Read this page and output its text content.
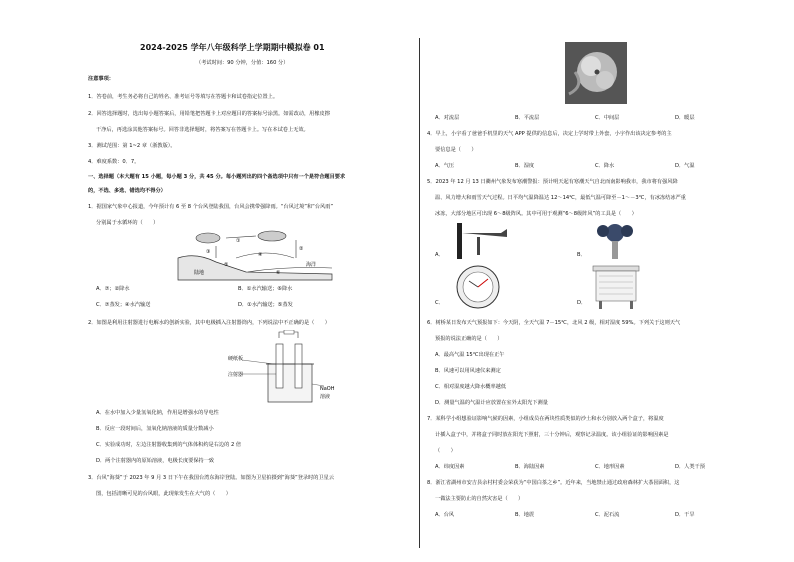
2024-2025 学年八年级科学上学期期中模拟卷 01
（考试时间：90 分钟，分值：160 分）
注意事项：
1．答卷前，考生务必将自己的姓名、准考证号等填写在答题卡和试卷指定位置上。
2．回答选择题时，选出每小题答案后，用铅笔把答题卡上对应题目的答案标号涂黑。如需改动，用橡皮擦
干净后，再选涂其他答案标号。回答非选择题时，将答案写在答题卡上。写在本试卷上无效。
3．测试范围：第 1~2 章（浙教版）。
4．难度系数：0．7。
一、选择题（本大题有 15 小题，每小题 3 分，共 45 分。每小题列出的四个备选项中只有一个是符合题目要求
的，不选、多选、错选均不得分）
1．据国家气象中心报道，今年预计有 6 至 8 个台风登陆我国，台风会携带强降雨。“台风过境”和“台风雨”
分别属于水循环的（　　）
陆地
海洋
①
②
③	④
⑤
⑥
A．⑦；②降水	B．①水汽输送；⑥降水
C．⑦蒸发；④水汽输送	D．①水汽输送；⑤蒸发
2．如图是利用注射器进行电解水的创新实验，其中电极插入注射器筒内，下列说法中不正确的是（　　）
硬纸板
注射器
NaOH
溶液
A．在水中加入少量氢氧化钠，作用是增强水的导电性
B．反应一段时间后，氢氧化钠溶液的质量分数减小
C．实验成功时，左边注射器收集到的气体体积约是右边的 2 倍
D．两个注射器内的原始溶液，电极长度要保持一致
3．台风“海葵”于 2023 年 9 月 3 日下午在我国台湾东海岸登陆。如图为卫星拍摄到“海葵”登录时的卫星云
图，包括清晰可见的台风眼，此现象发生在大气的（　　）
A．对流层	B．平流层	C．中间层	D．暖层
4．早上，小宇看了爸爸手机里的天气 APP 提供的信息后，决定上学时带上外套，小宇作出该决定参考的主
要信息是（　　）
A．气压	B．湿度	C．降水	D．气温
5．2023 年 12 月 13 日衢州气象发布寒潮警报：预计明天起有寒潮天气自北而南影响我市，我市将有强风降
温、风力增大和雨雪天气过程。日平均气温降温达 12～14℃，最低气温可降至－1～－3℃，有冰冻结冰严重
冰冻，大部分地区可出现 6～8级阵风。其中可用于观测“6～8级阵风”的工具是（　　）
A．	B．
C．	D．
6．树桥某日发布天气预报如下：今天阴，全天气温 7－15℃，北风 2 级，相对湿度 59%。下列关于这则天气
预报的说法正确的是（　　）
A．最高气温 15℃出现在正午
B．风速可以用风速仪来测定
C．相对湿度越大降水概率越低
D．测量气温的气温计应放置在室外太阳光下测量
7．某科学小组想验证影响气候的因素，小组成员在两块性质类似的沙土和水分别放入两个盒子，将温度
计插入盒子中，并将盒子同时放在阳光下照射，三十分钟后，观察记录温度。该小组验证的影响因素是
（　　）
A．纬度因素	B．海陆因素	C．地形因素	D．人类干预
8．浙江省湖州市安吉县余村村委会荣获为“中国白茶之乡”。近年来，当地禁止通过政府森林扩大茶园面积，这
一做法主要防止的自然灾害是（　　）
A．台风	B．地震	C．泥石流	D．干旱
